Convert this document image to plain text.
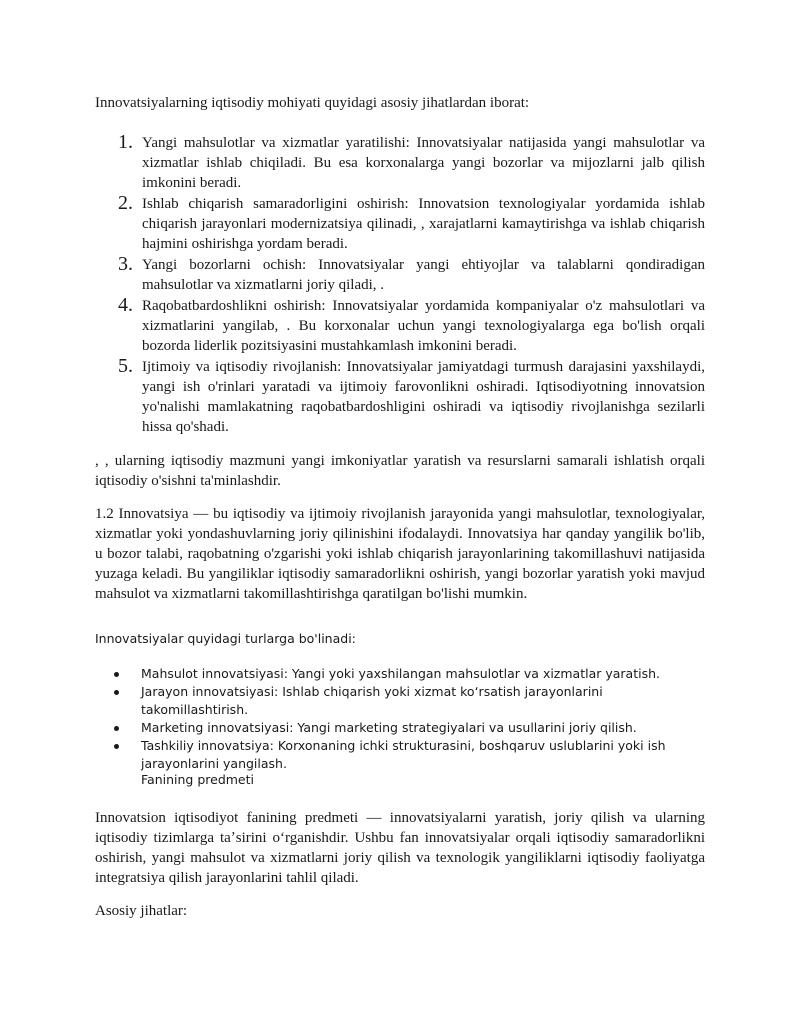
Innovatsiyalarning iqtisodiy mohiyati quyidagi asosiy jihatlardan iborat:

1. Yangi mahsulotlar va xizmatlar yaratilishi: Innovatsiyalar natijasida yangi mahsulotlar va xizmatlar ishlab chiqiladi. Bu esa korxonalarga yangi bozorlar va mijozlarni jalb qilish imkonini beradi.
2. Ishlab chiqarish samaradorligini oshirish: Innovatsion texnologiyalar yordamida ishlab chiqarish jarayonlari modernizatsiya qilinadi, , xarajatlarni kamaytirishga va ishlab chiqarish hajmini oshirishga yordam beradi.
3. Yangi bozorlarni ochish: Innovatsiyalar yangi ehtiyojlar va talablarni qondiradigan mahsulotlar va xizmatlarni joriy qiladi, .
4. Raqobatbardoshlikni oshirish: Innovatsiyalar yordamida kompaniyalar o'z mahsulotlari va xizmatlarini yangilab, . Bu korxonalar uchun yangi texnologiyalarga ega bo'lish orqali bozorda liderlik pozitsiyasini mustahkamlash imkonini beradi.
5. Ijtimoiy va iqtisodiy rivojlanish: Innovatsiyalar jamiyatdagi turmush darajasini yaxshilaydi, yangi ish o'rinlari yaratadi va ijtimoiy farovonlikni oshiradi. Iqtisodiyotning innovatsion yo'nalishi mamlakatning raqobatbardoshligini oshiradi va iqtisodiy rivojlanishga sezilarli hissa qo'shadi.

, , ularning iqtisodiy mazmuni yangi imkoniyatlar yaratish va resurslarni samarali ishlatish orqali iqtisodiy o'sishni ta'minlashdir.

1.2 Innovatsiya — bu iqtisodiy va ijtimoiy rivojlanish jarayonida yangi mahsulotlar, texnologiyalar, xizmatlar yoki yondashuvlarning joriy qilinishini ifodalaydi. Innovatsiya har qanday yangilik bo'lib, u bozor talabi, raqobatning o'zgarishi yoki ishlab chiqarish jarayonlarining takomillashuvi natijasida yuzaga keladi. Bu yangiliklar iqtisodiy samaradorlikni oshirish, yangi bozorlar yaratish yoki mavjud mahsulot va xizmatlarni takomillashtirishga qaratilgan bo'lishi mumkin.

Innovatsiyalar quyidagi turlarga bo'linadi:

Mahsulot innovatsiyasi: Yangi yoki yaxshilangan mahsulotlar va xizmatlar yaratish.
Jarayon innovatsiyasi: Ishlab chiqarish yoki xizmat koʻrsatish jarayonlarini takomillashtirish.
Marketing innovatsiyasi: Yangi marketing strategiyalari va usullarini joriy qilish.
Tashkiliy innovatsiya: Korxonaning ichki strukturasini, boshqaruv uslublarini yoki ish jarayonlarini yangilash.

Fanining predmeti

Innovatsion iqtisodiyot fanining predmeti — innovatsiyalarni yaratish, joriy qilish va ularning iqtisodiy tizimlarga taʼsirini oʻrganishdir. Ushbu fan innovatsiyalar orqali iqtisodiy samaradorlikni oshirish, yangi mahsulot va xizmatlarni joriy qilish va texnologik yangiliklarni iqtisodiy faoliyatga integratsiya qilish jarayonlarini tahlil qiladi.

Asosiy jihatlar:
